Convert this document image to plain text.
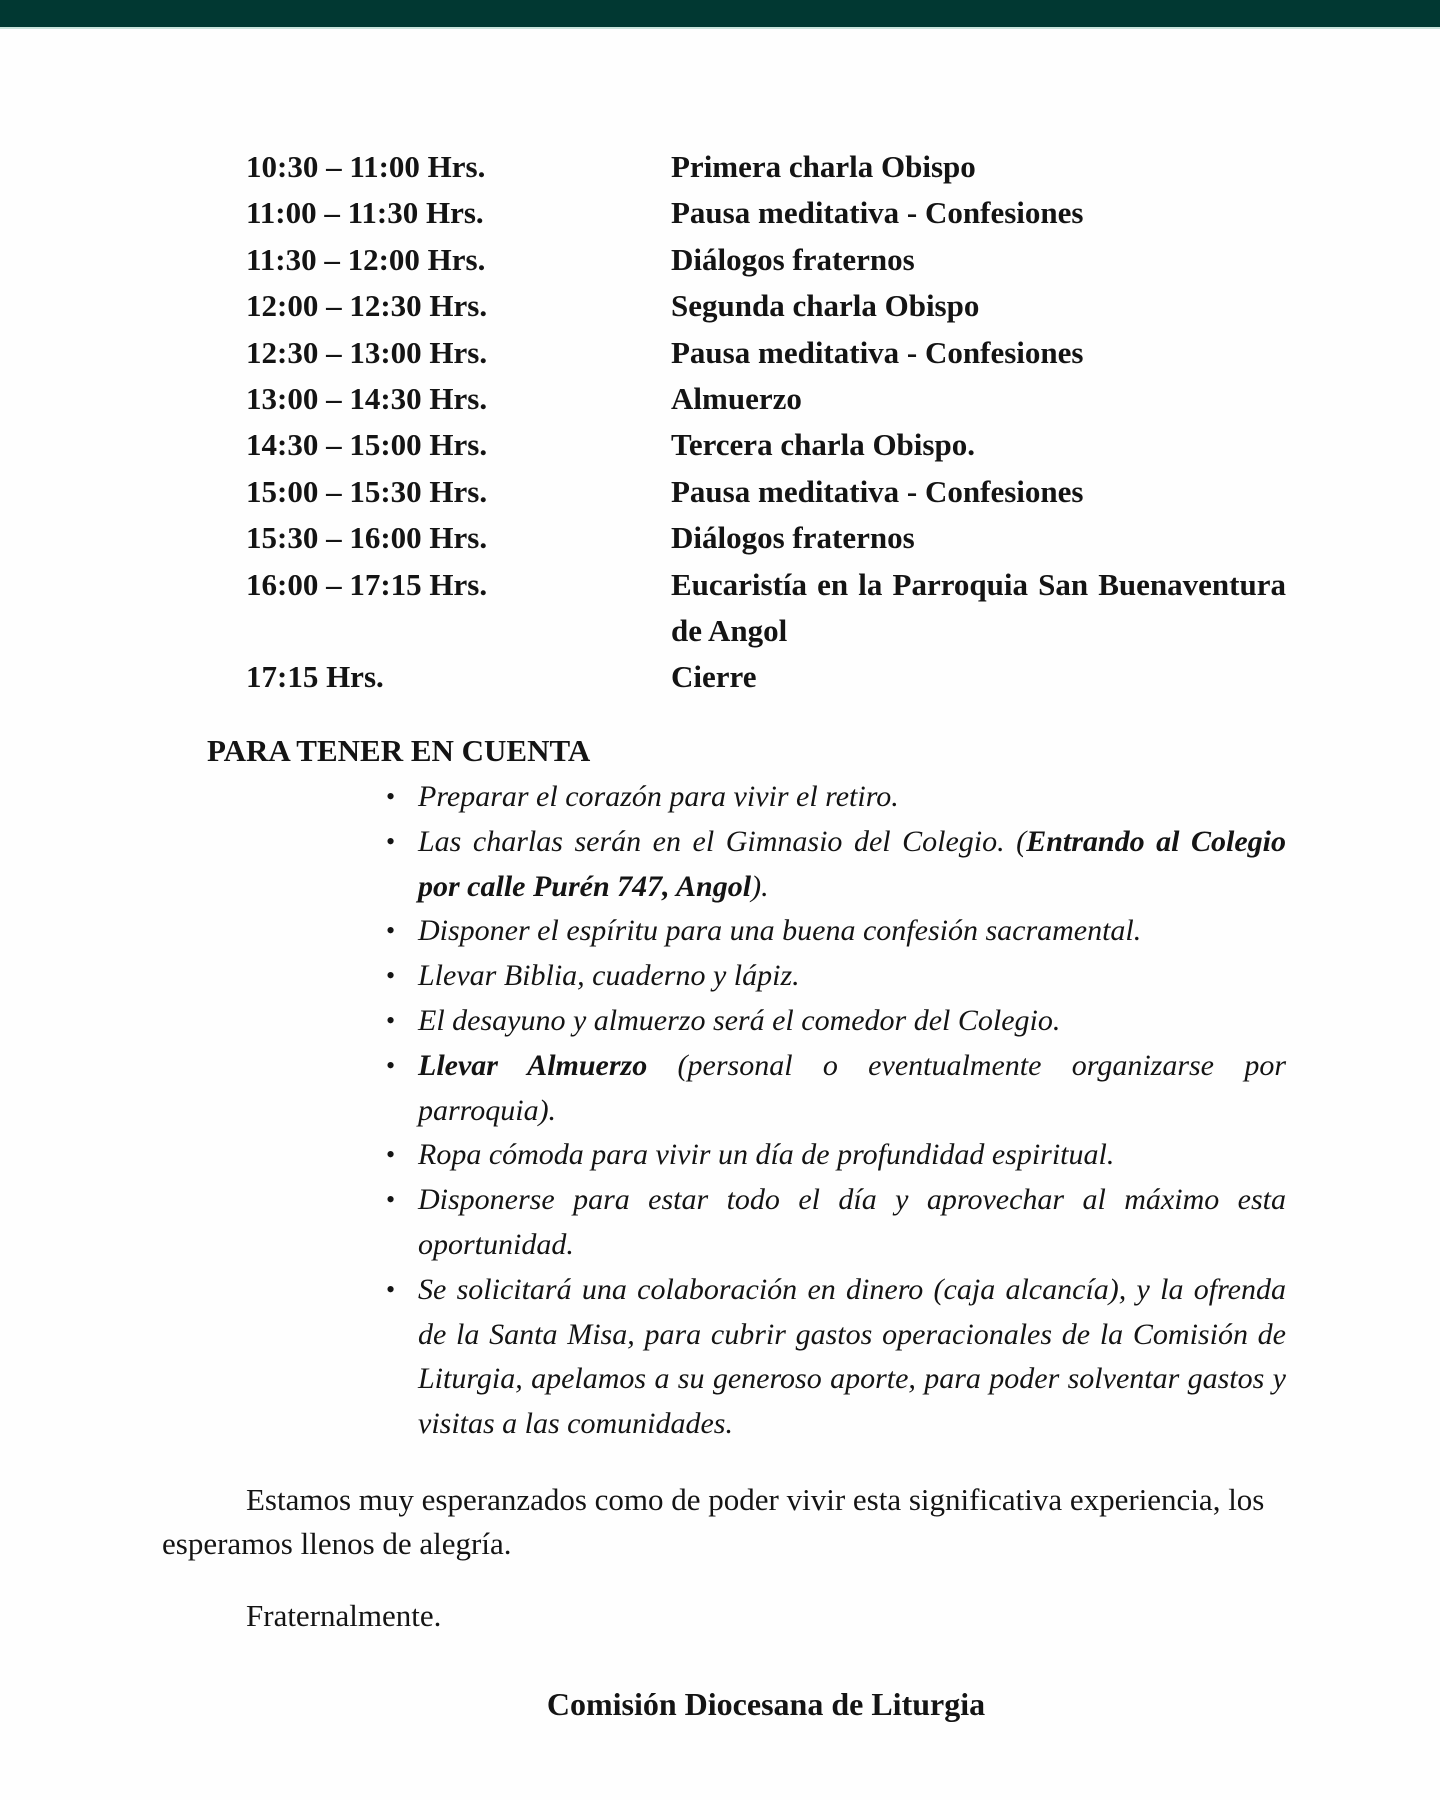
10:30 – 11:00 Hrs.	Primera charla Obispo
11:00 – 11:30 Hrs.	Pausa meditativa - Confesiones
11:30 – 12:00 Hrs.	Diálogos fraternos
12:00 – 12:30 Hrs.	Segunda charla Obispo
12:30 – 13:00 Hrs.	Pausa meditativa - Confesiones
13:00 – 14:30 Hrs.	Almuerzo
14:30 – 15:00 Hrs.	Tercera charla Obispo.
15:00 – 15:30 Hrs.	Pausa meditativa - Confesiones
15:30 – 16:00 Hrs.	Diálogos fraternos
16:00 – 17:15 Hrs.	Eucaristía en la Parroquia San Buenaventura de Angol
17:15 Hrs.	Cierre
PARA TENER EN CUENTA
• Preparar el corazón para vivir el retiro.
• Las charlas serán en el Gimnasio del Colegio. (Entrando al Colegio por calle Purén 747, Angol).
• Disponer el espíritu para una buena confesión sacramental.
• Llevar Biblia, cuaderno y lápiz.
• El desayuno y almuerzo será el comedor del Colegio.
• Llevar Almuerzo (personal o eventualmente organizarse por parroquia).
• Ropa cómoda para vivir un día de profundidad espiritual.
• Disponerse para estar todo el día y aprovechar al máximo esta oportunidad.
• Se solicitará una colaboración en dinero (caja alcancía), y la ofrenda de la Santa Misa, para cubrir gastos operacionales de la Comisión de Liturgia, apelamos a su generoso aporte, para poder solventar gastos y visitas a las comunidades.

Estamos muy esperanzados como de poder vivir esta significativa experiencia, los esperamos llenos de alegría.

Fraternalmente.

Comisión Diocesana de Liturgia
